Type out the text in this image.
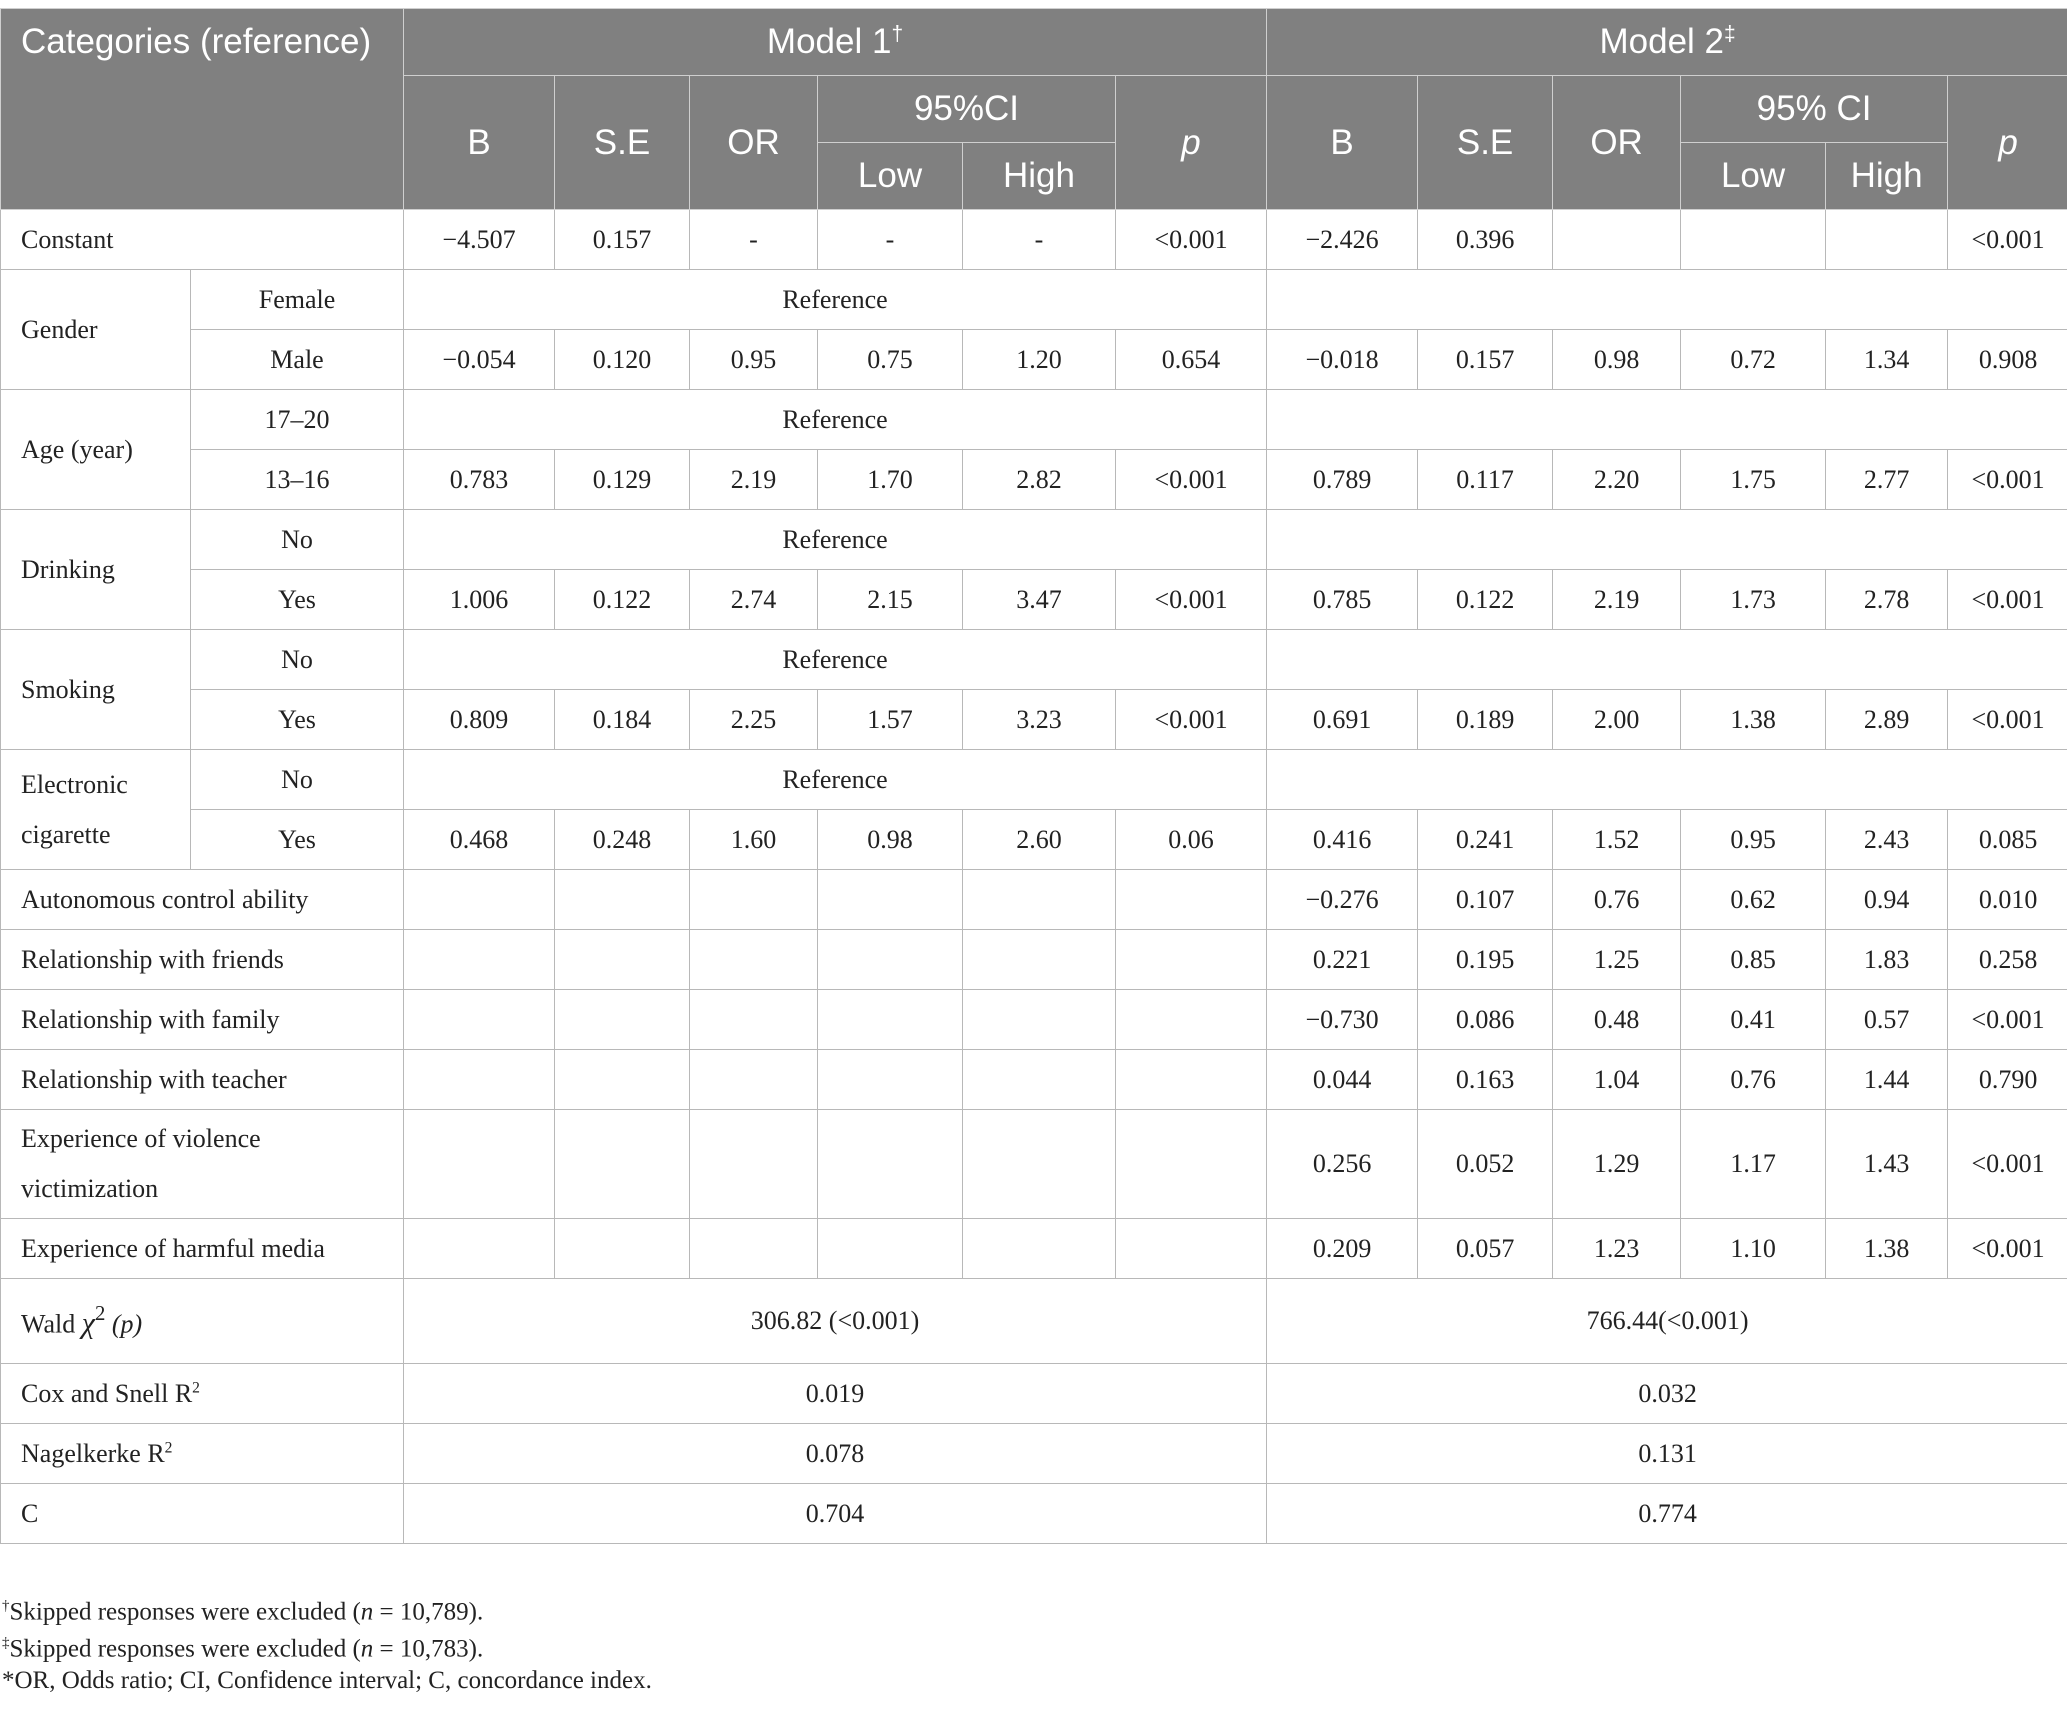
Categories (reference)		Model 1†						Model 2‡
		B	S.E	OR	95%CI		p	B	S.E	OR	95% CI		p
					Low	High					Low	High	
Constant		−4.507	0.157	-	-	-	<0.001	−2.426	0.396				<0.001
Gender	Female	Reference											
	Male	−0.054	0.120	0.95	0.75	1.20	0.654	−0.018	0.157	0.98	0.72	1.34	0.908
Age (year)	17–20	Reference											
	13–16	0.783	0.129	2.19	1.70	2.82	<0.001	0.789	0.117	2.20	1.75	2.77	<0.001
Drinking	No	Reference											
	Yes	1.006	0.122	2.74	2.15	3.47	<0.001	0.785	0.122	2.19	1.73	2.78	<0.001
Smoking	No	Reference											
	Yes	0.809	0.184	2.25	1.57	3.23	<0.001	0.691	0.189	2.00	1.38	2.89	<0.001
Electronic cigarette	No	Reference											
	Yes	0.468	0.248	1.60	0.98	2.60	0.06	0.416	0.241	1.52	0.95	2.43	0.085
Autonomous control ability								−0.276	0.107	0.76	0.62	0.94	0.010
Relationship with friends								0.221	0.195	1.25	0.85	1.83	0.258
Relationship with family								−0.730	0.086	0.48	0.41	0.57	<0.001
Relationship with teacher								0.044	0.163	1.04	0.76	1.44	0.790
Experience of violence victimization								0.256	0.052	1.29	1.17	1.43	<0.001
Experience of harmful media								0.209	0.057	1.23	1.10	1.38	<0.001
Wald $\chi^2$ (p)		306.82 (<0.001)						766.44(<0.001)					
Cox and Snell $R^2$		0.019						0.032					
Nagelkerke $R^2$		0.078						0.131					
C		0.704						0.774					
†Skipped responses were excluded (n = 10,789).
‡Skipped responses were excluded (n = 10,783).
*OR, Odds ratio; CI, Confidence interval; C, concordance index.
